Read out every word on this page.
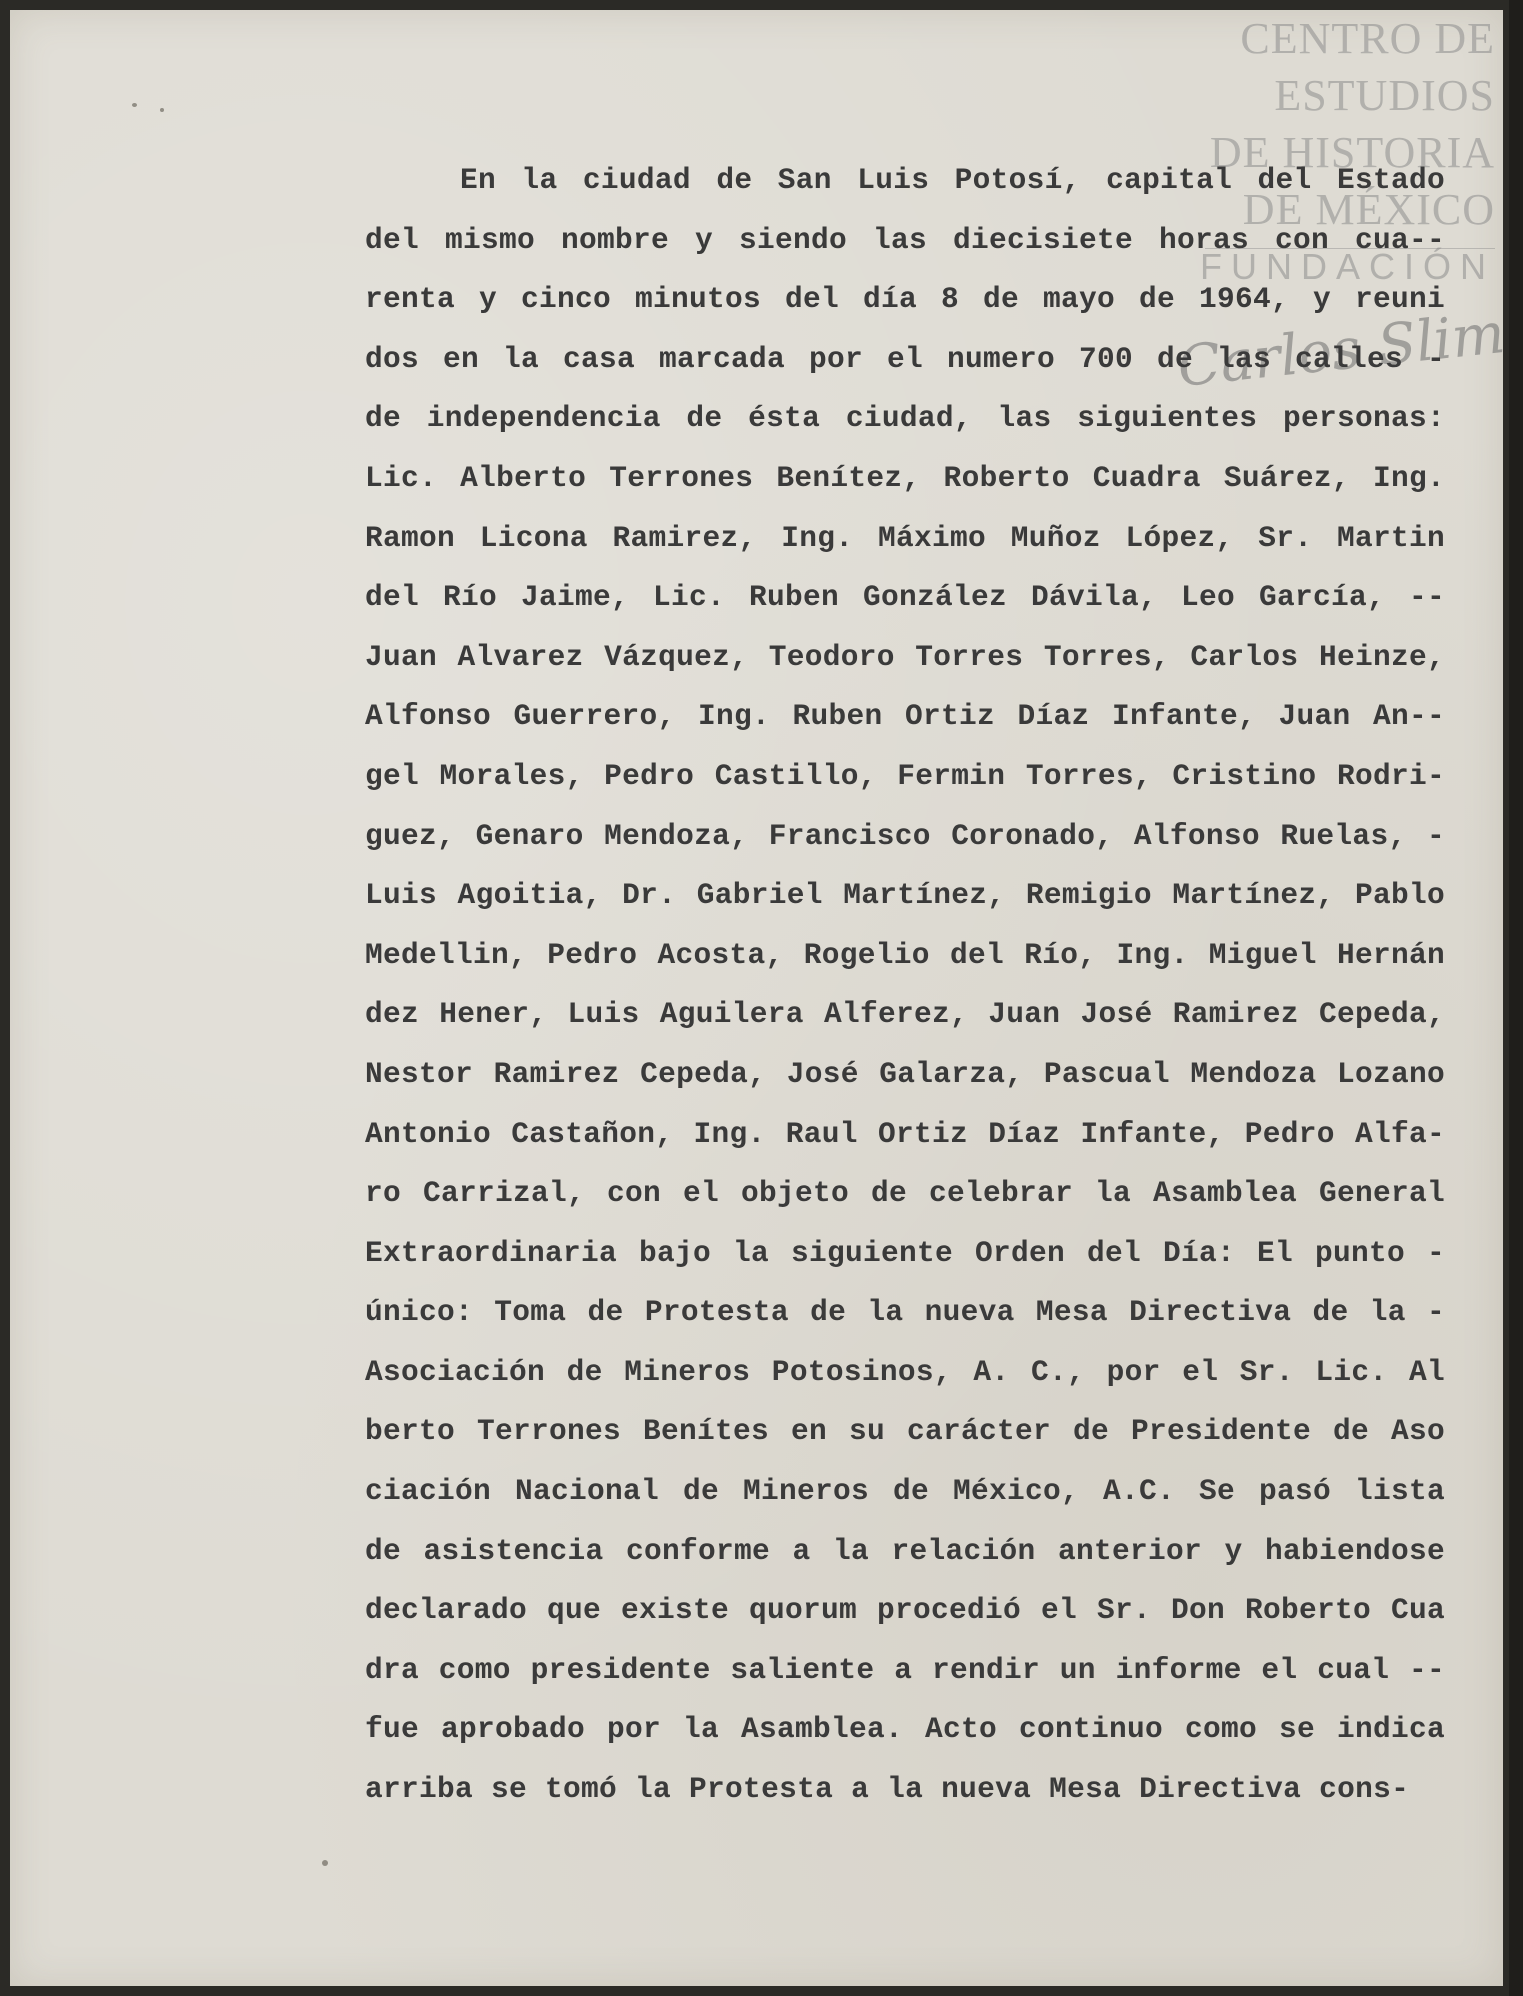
CENTRO DE
ESTUDIOS
DE HISTORIA
DE MÉXICO
FUNDACIÓN
Carlos Slim
En la ciudad de San Luis Potosí, capital del Estado
del mismo nombre y siendo las diecisiete horas con cua--
renta y cinco minutos del día 8 de mayo de 1964, y reuni
dos en la casa marcada por el numero 700 de las calles -
de independencia de ésta ciudad, las siguientes personas:
Lic. Alberto Terrones Benítez, Roberto Cuadra Suárez, Ing.
Ramon Licona Ramirez, Ing. Máximo Muñoz López, Sr. Martin
del Río Jaime, Lic. Ruben González Dávila, Leo García, --
Juan Alvarez Vázquez, Teodoro Torres Torres, Carlos Heinze,
Alfonso Guerrero, Ing. Ruben Ortiz Díaz Infante, Juan An--
gel Morales, Pedro Castillo, Fermin Torres, Cristino Rodri-
guez, Genaro Mendoza, Francisco Coronado, Alfonso Ruelas, -
Luis Agoitia, Dr. Gabriel Martínez, Remigio Martínez, Pablo
Medellin, Pedro Acosta, Rogelio del Río, Ing. Miguel Hernán
dez Hener, Luis Aguilera Alferez, Juan José Ramirez Cepeda,
Nestor Ramirez Cepeda, José Galarza, Pascual Mendoza Lozano
Antonio Castañon, Ing. Raul Ortiz Díaz Infante, Pedro Alfa-
ro Carrizal, con el objeto de celebrar la Asamblea General
Extraordinaria bajo la siguiente Orden del Día: El punto -
único: Toma de Protesta de la nueva Mesa Directiva de la -
Asociación de Mineros Potosinos, A. C., por el Sr. Lic. Al
berto Terrones Benítes en su carácter de Presidente de Aso
ciación Nacional de Mineros de México, A.C. Se pasó lista
de asistencia conforme a la relación anterior y habiendose
declarado que existe quorum procedió el Sr. Don Roberto Cua
dra como presidente saliente a rendir un informe el cual --
fue aprobado por la Asamblea. Acto continuo como se indica
arriba se tomó la Protesta a la nueva Mesa Directiva cons-
